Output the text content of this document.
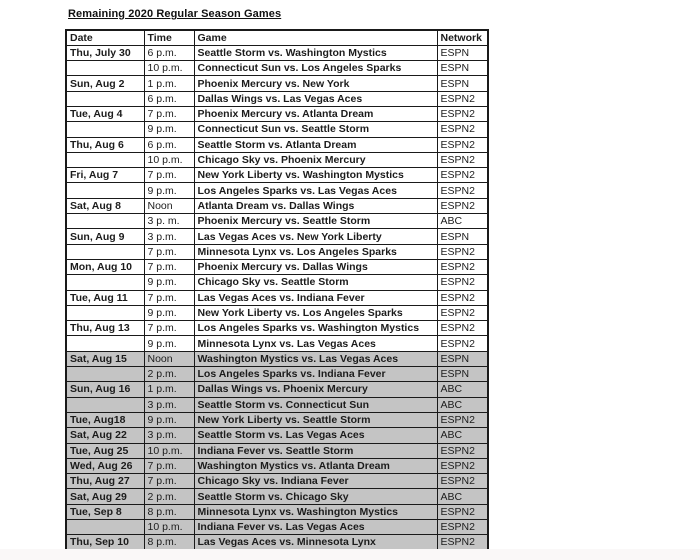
Remaining 2020 Regular Season Games
Date	Time	Game	Network
Thu, July 30	6 p.m.	Seattle Storm vs. Washington Mystics	ESPN
	10 p.m.	Connecticut Sun vs. Los Angeles Sparks	ESPN
Sun, Aug 2	1 p.m.	Phoenix Mercury vs. New York	ESPN
	6 p.m.	Dallas Wings vs. Las Vegas Aces	ESPN2
Tue, Aug 4	7 p.m.	Phoenix Mercury vs. Atlanta Dream	ESPN2
	9 p.m.	Connecticut Sun vs. Seattle Storm	ESPN2
Thu, Aug 6	6 p.m.	Seattle Storm vs. Atlanta Dream	ESPN2
	10 p.m.	Chicago Sky vs. Phoenix Mercury	ESPN2
Fri, Aug 7	7 p.m.	New York Liberty vs. Washington Mystics	ESPN2
	9 p.m.	Los Angeles Sparks vs. Las Vegas Aces	ESPN2
Sat, Aug 8	Noon	Atlanta Dream vs. Dallas Wings	ESPN2
	3 p. m.	Phoenix Mercury vs. Seattle Storm	ABC
Sun, Aug 9	3 p.m.	Las Vegas Aces vs. New York Liberty	ESPN
	7 p.m.	Minnesota Lynx vs. Los Angeles Sparks	ESPN2
Mon, Aug 10	7 p.m.	Phoenix Mercury vs. Dallas Wings	ESPN2
	9 p.m.	Chicago Sky vs. Seattle Storm	ESPN2
Tue, Aug 11	7 p.m.	Las Vegas Aces vs. Indiana Fever	ESPN2
	9 p.m.	New York Liberty vs. Los Angeles Sparks	ESPN2
Thu, Aug 13	7 p.m.	Los Angeles Sparks vs. Washington Mystics	ESPN2
	9 p.m.	Minnesota Lynx vs. Las Vegas Aces	ESPN2
Sat, Aug 15	Noon	Washington Mystics vs. Las Vegas Aces	ESPN
	2 p.m.	Los Angeles Sparks vs. Indiana Fever	ESPN
Sun, Aug 16	1 p.m.	Dallas Wings vs. Phoenix Mercury	ABC
	3 p.m.	Seattle Storm vs. Connecticut Sun	ABC
Tue, Aug18	9 p.m.	New York Liberty vs. Seattle Storm	ESPN2
Sat, Aug 22	3 p.m.	Seattle Storm vs. Las Vegas Aces	ABC
Tue, Aug 25	10 p.m.	Indiana Fever vs. Seattle Storm	ESPN2
Wed, Aug 26	7 p.m.	Washington Mystics vs. Atlanta Dream	ESPN2
Thu, Aug 27	7 p.m.	Chicago Sky vs. Indiana Fever	ESPN2
Sat, Aug 29	2 p.m.	Seattle Storm vs. Chicago Sky	ABC
Tue, Sep 8	8 p.m.	Minnesota Lynx vs. Washington Mystics	ESPN2
	10 p.m.	Indiana Fever vs. Las Vegas Aces	ESPN2
Thu, Sep 10	8 p.m.	Las Vegas Aces vs. Minnesota Lynx	ESPN2
